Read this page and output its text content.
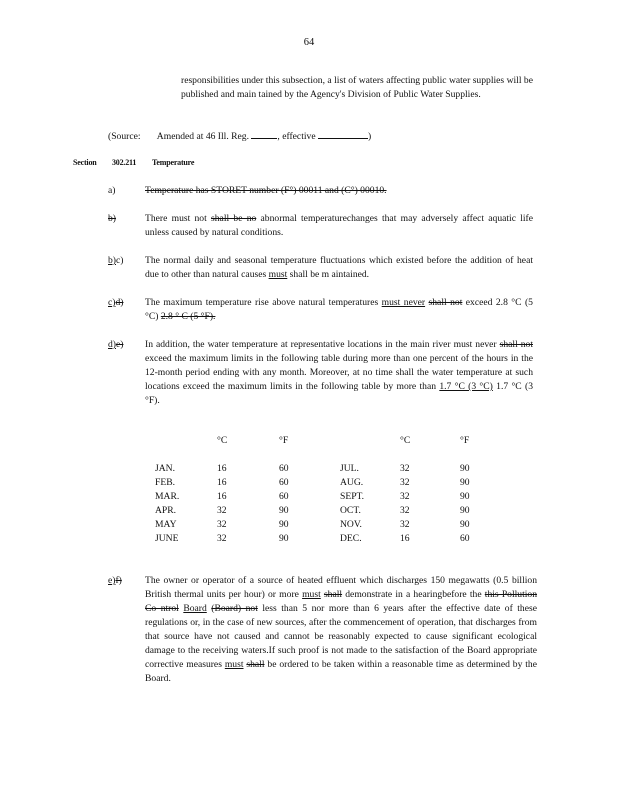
64
responsibilities under this subsection, a list of waters affecting public water supplies will be published and main tained by the Agency's Division of Public Water Supplies.
(Source: Amended at 46 Ill. Reg.	, effective	)
Section 302.211 Temperature
a)	Temperature has STORET number (F°) 00011 and (C°) 00010.
b)	There must not shall be no abnormal temperaturechanges that may adversely affect aquatic life unless caused by natural conditions.
b)c)	The normal daily and seasonal temperature fluctuations which existed before the addition of heat due to other than natural causes must shall be m aintained.
c)d)	The maximum temperature rise above natural temperatures must never shall not exceed 2.8 °C (5 °C) 2.8 ° C (5 °F).
d)e)	In addition, the water temperature at representative locations in the main river must never shall not exceed the maximum limits in the following table during more than one percent of the hours in the 12-month period ending with any month. Moreover, at no time shall the water temperature at such locations exceed the maximum limits in the following table by more than 1.7 °C (3 °C) 1.7 °C (3 °F).
	°C	°F

JAN.	16	60
FEB.	16	60
MAR.	16	60
APR.	32	90
MAY	32	90
JUNE	32	90
	°C	°F

JUL.	32	90
AUG.	32	90
SEPT.	32	90
OCT.	32	90
NOV.	32	90
DEC.	16	60
e)f)	The owner or operator of a source of heated effluent which discharges 150 megawatts (0.5 billion British thermal units per hour) or more must shall demonstrate in a hearingbefore the this Pollution Co ntrol Board (Board) not less than 5 nor more than 6 years after the effective date of these regulations or, in the case of new sources, after the commencement of operation, that discharges from that source have not caused and cannot be reasonably expected to cause significant ecological damage to the receiving waters.If such proof is not made to the satisfaction of the Board appropriate corrective measures must shall be ordered to be taken within a reasonable time as determined by the Board.
